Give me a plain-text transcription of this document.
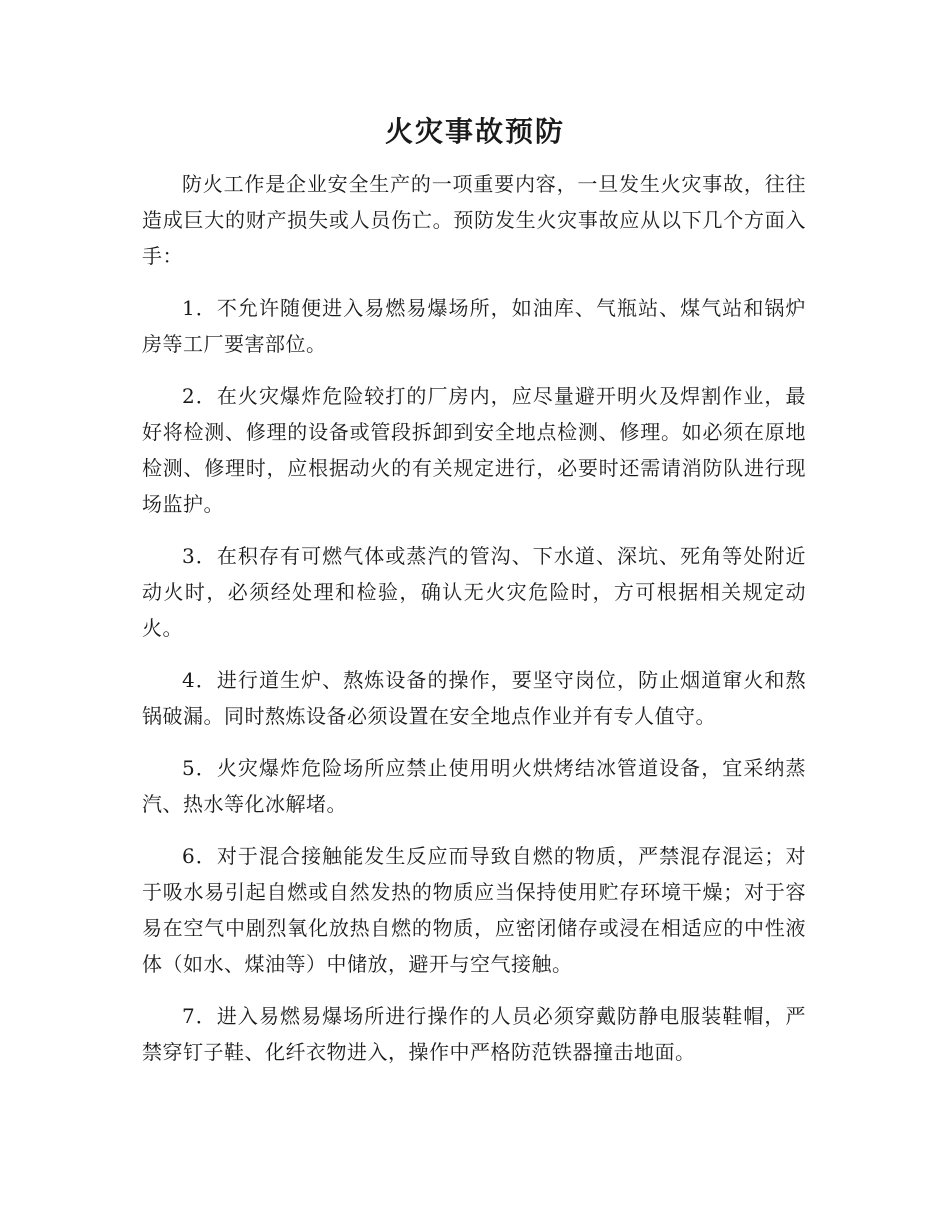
火灾事故预防

防火工作是企业安全生产的一项重要内容，一旦发生火灾事故，往往造成巨大的财产损失或人员伤亡。预防发生火灾事故应从以下几个方面入手：

1．不允许随便进入易燃易爆场所，如油库、气瓶站、煤气站和锅炉房等工厂要害部位。

2．在火灾爆炸危险较打的厂房内，应尽量避开明火及焊割作业，最好将检测、修理的设备或管段拆卸到安全地点检测、修理。如必须在原地检测、修理时，应根据动火的有关规定进行，必要时还需请消防队进行现场监护。

3．在积存有可燃气体或蒸汽的管沟、下水道、深坑、死角等处附近动火时，必须经处理和检验，确认无火灾危险时，方可根据相关规定动火。

4．进行道生炉、熬炼设备的操作，要坚守岗位，防止烟道窜火和熬锅破漏。同时熬炼设备必须设置在安全地点作业并有专人值守。

5．火灾爆炸危险场所应禁止使用明火烘烤结冰管道设备，宜采纳蒸汽、热水等化冰解堵。

6．对于混合接触能发生反应而导致自燃的物质，严禁混存混运；对于吸水易引起自燃或自然发热的物质应当保持使用贮存环境干燥；对于容易在空气中剧烈氧化放热自燃的物质，应密闭储存或浸在相适应的中性液体（如水、煤油等）中储放，避开与空气接触。

7．进入易燃易爆场所进行操作的人员必须穿戴防静电服装鞋帽，严禁穿钉子鞋、化纤衣物进入，操作中严格防范铁器撞击地面。
